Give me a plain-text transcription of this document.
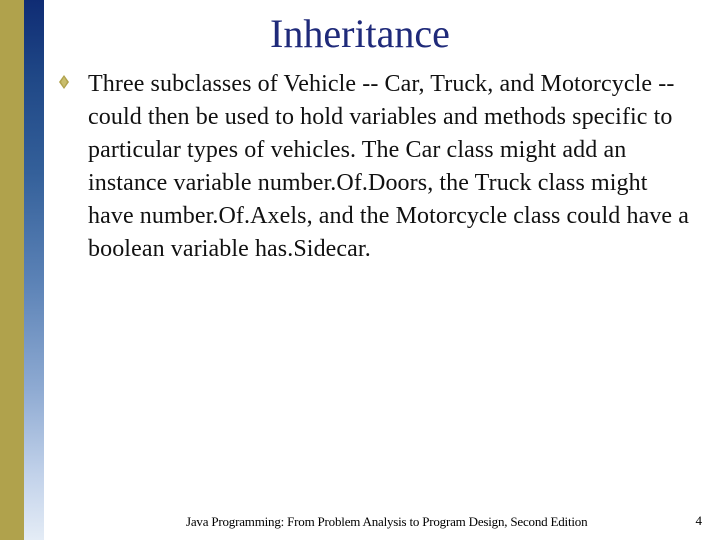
Inheritance
Three subclasses of Vehicle -- Car, Truck, and Motorcycle -- could then be used to hold variables and methods specific to particular types of vehicles. The Car class might add an instance variable number.Of.Doors, the Truck class might have number.Of.Axels, and the Motorcycle class could have a boolean variable has.Sidecar.
Java Programming: From Problem Analysis to Program Design, Second Edition	4
